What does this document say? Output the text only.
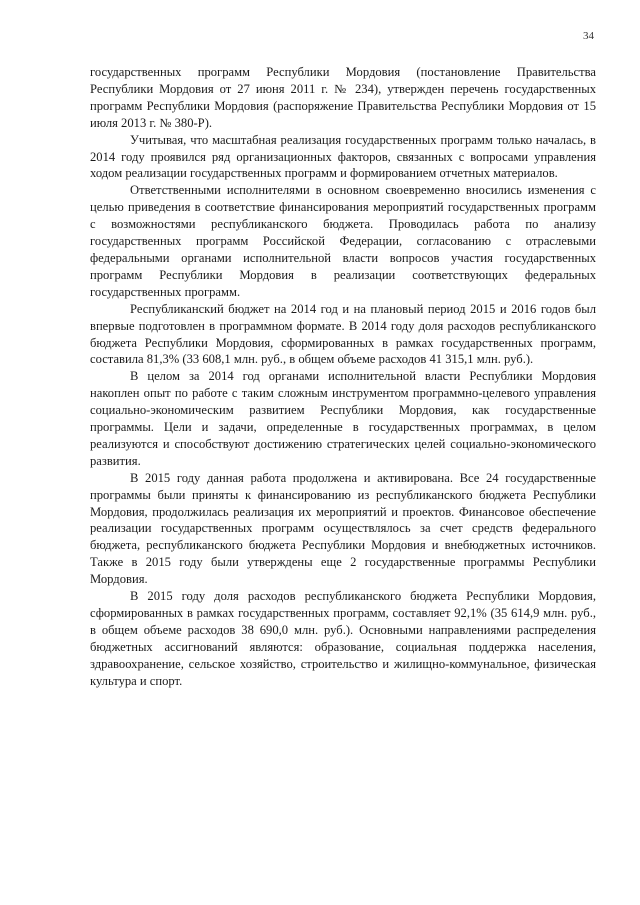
34

государственных программ Республики Мордовия (постановление Правительства Республики Мордовия от 27 июня 2011 г. № 234), утвержден перечень государственных программ Республики Мордовия (распоряжение Правительства Республики Мордовия от 15 июля 2013 г. № 380-Р).

Учитывая, что масштабная реализация государственных программ только началась, в 2014 году проявился ряд организационных факторов, связанных с вопросами управления ходом реализации государственных программ и формированием отчетных материалов.

Ответственными исполнителями в основном своевременно вносились изменения с целью приведения в соответствие финансирования мероприятий государственных программ с возможностями республиканского бюджета. Проводилась работа по анализу государственных программ Российской Федерации, согласованию с отраслевыми федеральными органами исполнительной власти вопросов участия государственных программ Республики Мордовия в реализации соответствующих федеральных государственных программ.

Республиканский бюджет на 2014 год и на плановый период 2015 и 2016 годов был впервые подготовлен в программном формате. В 2014 году доля расходов республиканского бюджета Республики Мордовия, сформированных в рамках государственных программ, составила 81,3% (33 608,1 млн. руб., в общем объеме расходов 41 315,1 млн. руб.).

В целом за 2014 год органами исполнительной власти Республики Мордовия накоплен опыт по работе с таким сложным инструментом программно-целевого управления социально-экономическим развитием Республики Мордовия, как государственные программы. Цели и задачи, определенные в государственных программах, в целом реализуются и способствуют достижению стратегических целей социально-экономического развития.

В 2015 году данная работа продолжена и активирована. Все 24 государственные программы были приняты к финансированию из республиканского бюджета Республики Мордовия, продолжилась реализация их мероприятий и проектов. Финансовое обеспечение реализации государственных программ осуществлялось за счет средств федерального бюджета, республиканского бюджета Республики Мордовия и внебюджетных источников. Также в 2015 году были утверждены еще 2 государственные программы Республики Мордовия.

В 2015 году доля расходов республиканского бюджета Республики Мордовия, сформированных в рамках государственных программ, составляет 92,1% (35 614,9 млн. руб., в общем объеме расходов 38 690,0 млн. руб.). Основными направлениями распределения бюджетных ассигнований являются: образование, социальная поддержка населения, здравоохранение, сельское хозяйство, строительство и жилищно-коммунальное, физическая культура и спорт.
